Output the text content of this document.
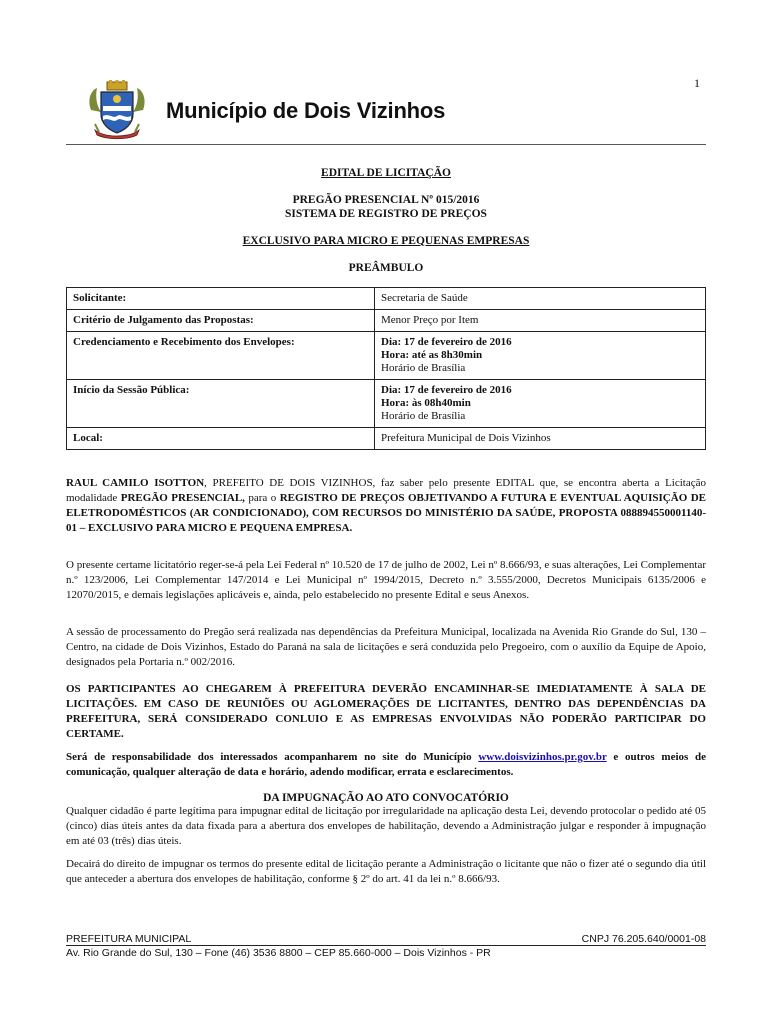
1
Município de Dois Vizinhos
EDITAL DE LICITAÇÃO
PREGÃO PRESENCIAL Nº 015/2016
SISTEMA DE REGISTRO DE PREÇOS
EXCLUSIVO PARA MICRO E PEQUENAS EMPRESAS
PREÂMBULO
Solicitante:	Secretaria de Saúde

Critério de Julgamento das Propostas:	Menor Preço por Item

Credenciamento e Recebimento dos Envelopes:	Dia: 17 de fevereiro de 2016
Hora: até as 8h30min
Horário de Brasília

Início da Sessão Pública:	Dia: 17 de fevereiro de 2016
Hora: às 08h40min
Horário de Brasília

Local:	Prefeitura Municipal de Dois Vizinhos
RAUL CAMILO ISOTTON, PREFEITO DE DOIS VIZINHOS, faz saber pelo presente EDITAL que, se encontra aberta a Licitação modalidade PREGÃO PRESENCIAL, para o REGISTRO DE PREÇOS OBJETIVANDO A FUTURA E EVENTUAL AQUISIÇÃO DE ELETRODOMÉSTICOS (AR CONDICIONADO), COM RECURSOS DO MINISTÉRIO DA SAÚDE, PROPOSTA 088894550001140-01 – EXCLUSIVO PARA MICRO E PEQUENA EMPRESA.
O presente certame licitatório reger-se-á pela Lei Federal nº 10.520 de 17 de julho de 2002, Lei nº 8.666/93, e suas alterações, Lei Complementar n.º 123/2006, Lei Complementar 147/2014 e Lei Municipal nº 1994/2015, Decreto n.º 3.555/2000, Decretos Municipais 6135/2006 e 12070/2015, e demais legislações aplicáveis e, ainda, pelo estabelecido no presente Edital e seus Anexos.
A sessão de processamento do Pregão será realizada nas dependências da Prefeitura Municipal, localizada na Avenida Rio Grande do Sul, 130 – Centro, na cidade de Dois Vizinhos, Estado do Paraná na sala de licitações e será conduzida pelo Pregoeiro, com o auxílio da Equipe de Apoio, designados pela Portaria n.º 002/2016.
OS PARTICIPANTES AO CHEGAREM À PREFEITURA DEVERÃO ENCAMINHAR-SE IMEDIATAMENTE À SALA DE LICITAÇÕES. EM CASO DE REUNIÕES OU AGLOMERAÇÕES DE LICITANTES, DENTRO DAS DEPENDÊNCIAS DA PREFEITURA, SERÁ CONSIDERADO CONLUIO E AS EMPRESAS ENVOLVIDAS NÃO PODERÃO PARTICIPAR DO CERTAME.
Será de responsabilidade dos interessados acompanharem no site do Município www.doisvizinhos.pr.gov.br e outros meios de comunicação, qualquer alteração de data e horário, adendo modificar, errata e esclarecimentos.
DA IMPUGNAÇÃO AO ATO CONVOCATÓRIO
Qualquer cidadão é parte legítima para impugnar edital de licitação por irregularidade na aplicação desta Lei, devendo protocolar o pedido até 05 (cinco) dias úteis antes da data fixada para a abertura dos envelopes de habilitação, devendo a Administração julgar e responder à impugnação em até 03 (três) dias úteis.
Decairá do direito de impugnar os termos do presente edital de licitação perante a Administração o licitante que não o fizer até o segundo dia útil que anteceder a abertura dos envelopes de habilitação, conforme § 2º do art. 41 da lei n.º 8.666/93.
PREFEITURA MUNICIPAL	CNPJ 76.205.640/0001-08
Av. Rio Grande do Sul, 130 – Fone (46) 3536 8800 – CEP 85.660-000 – Dois Vizinhos - PR
